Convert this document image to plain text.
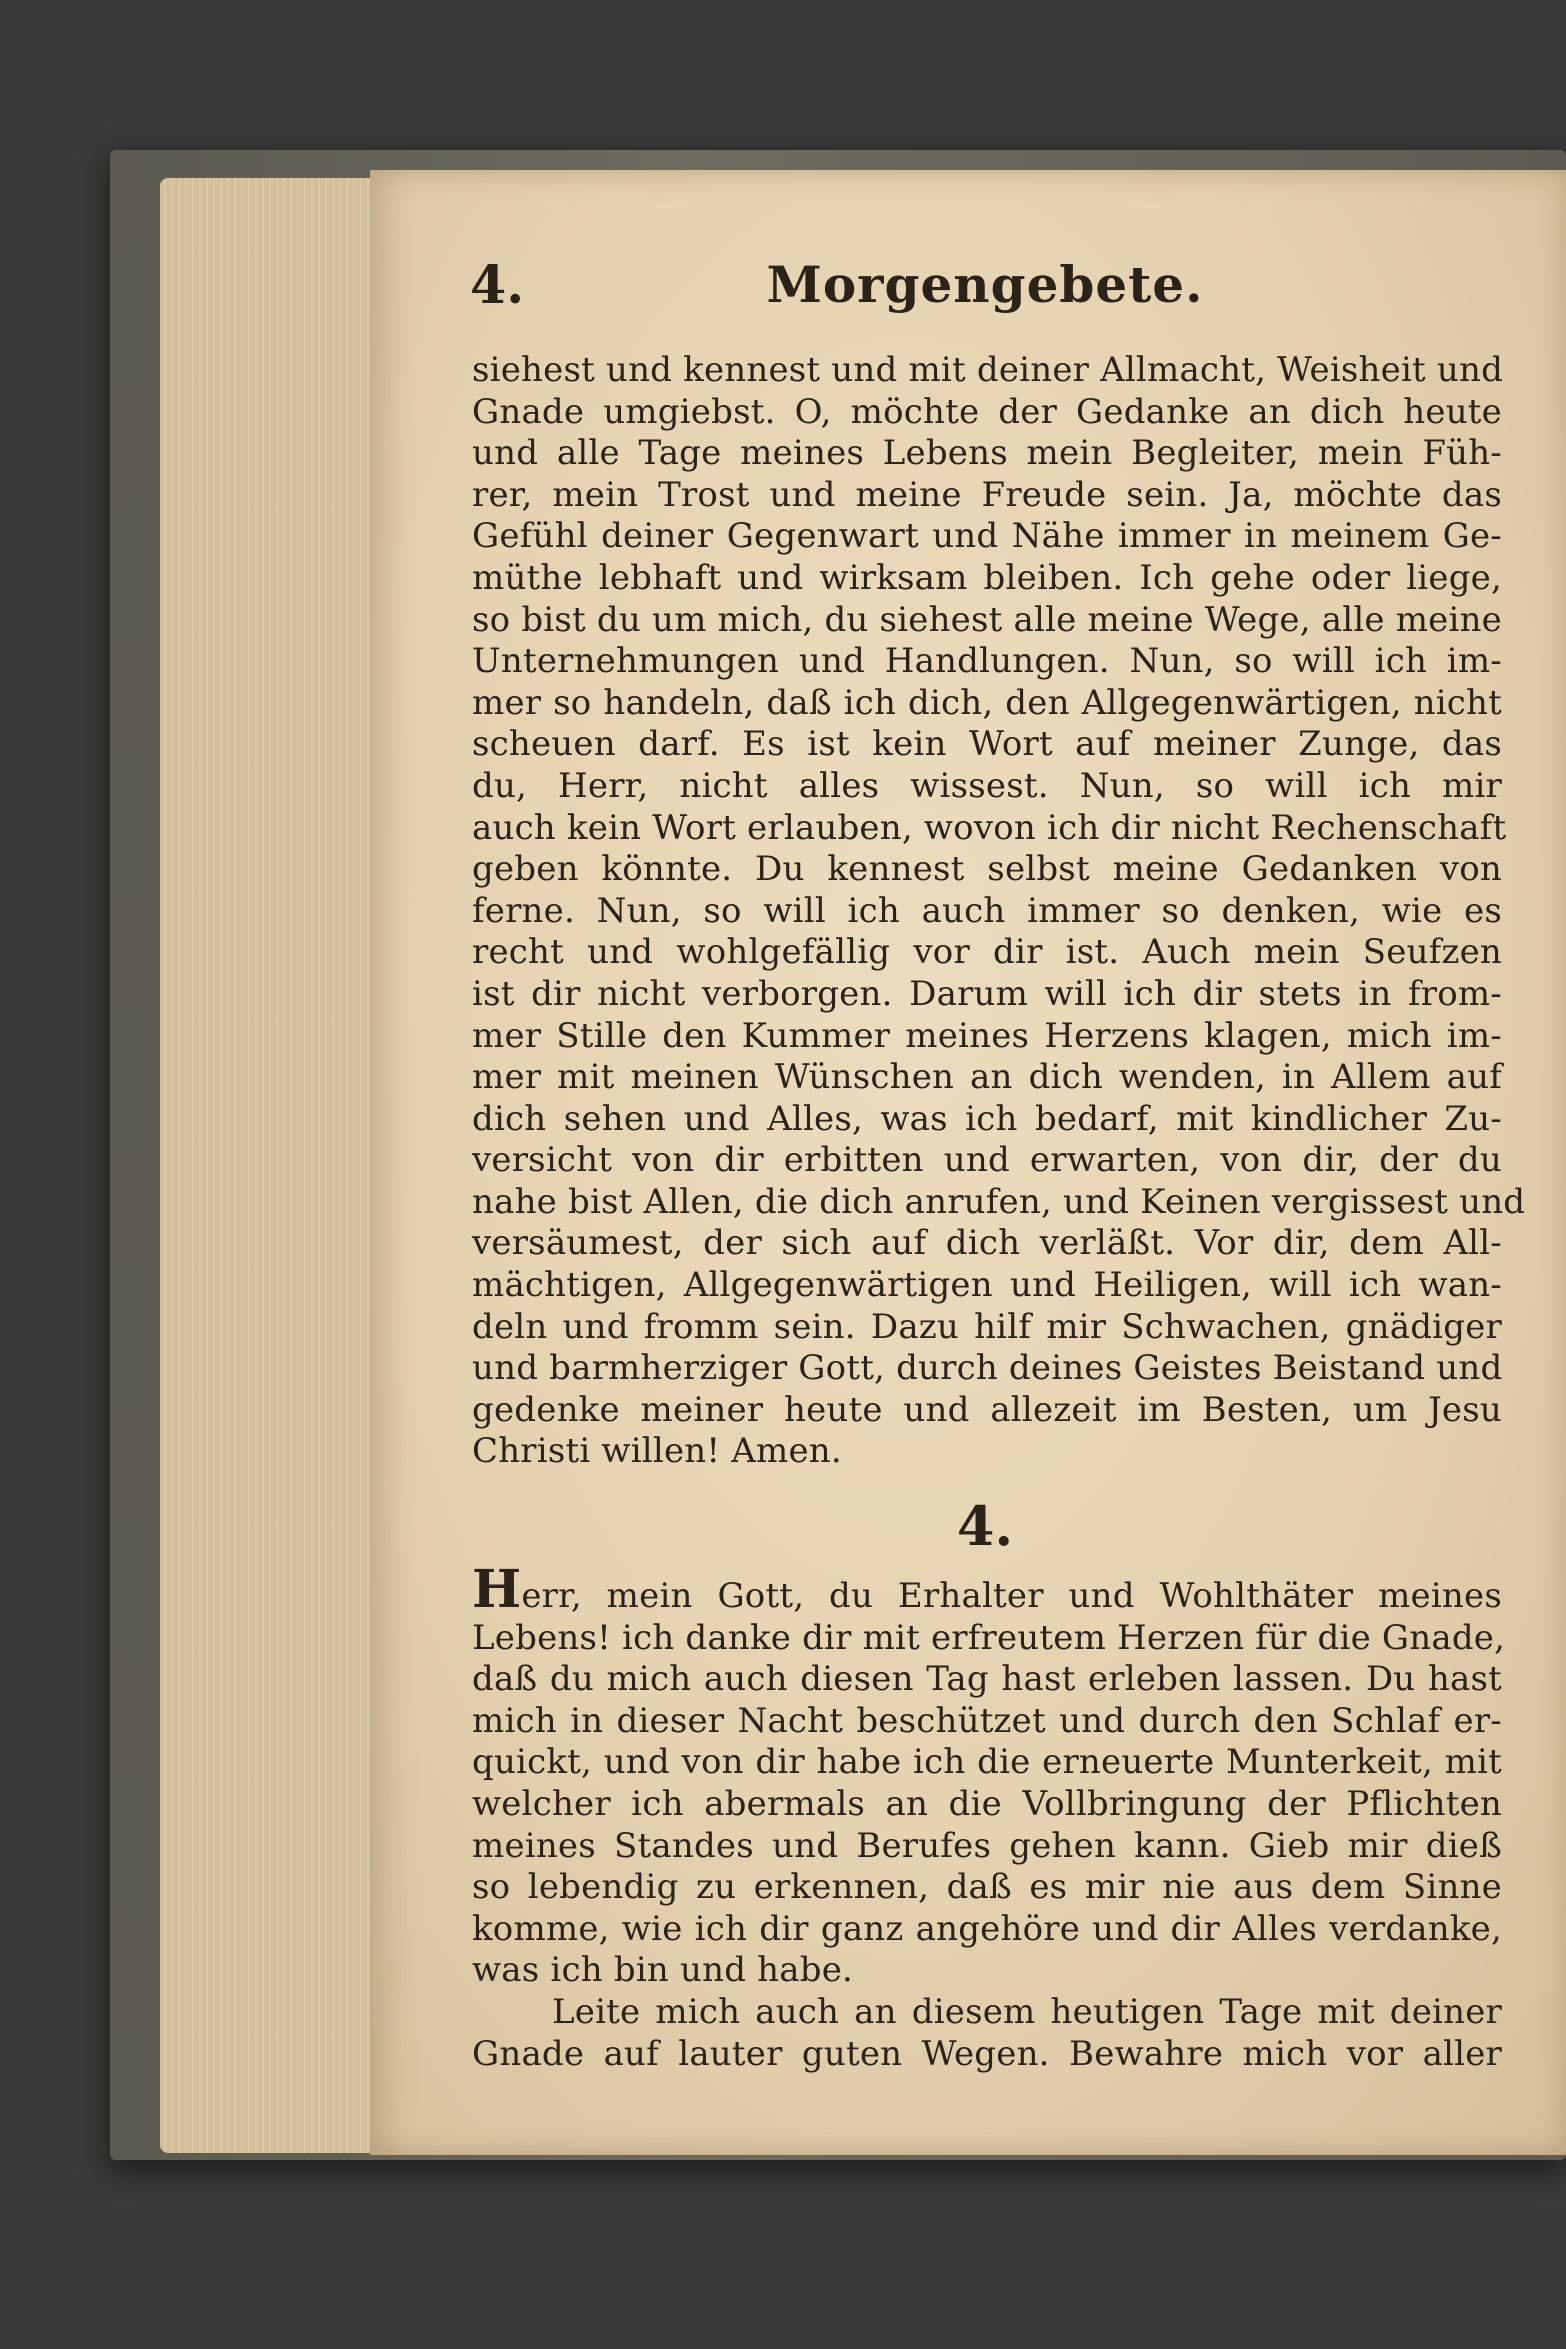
4.	Morgengebete.
siehest und kennest und mit deiner Allmacht, Weisheit und
Gnade umgiebst. O, möchte der Gedanke an dich heute
und alle Tage meines Lebens mein Begleiter, mein Füh-
rer, mein Trost und meine Freude sein. Ja, möchte das
Gefühl deiner Gegenwart und Nähe immer in meinem Ge-
müthe lebhaft und wirksam bleiben. Ich gehe oder liege,
so bist du um mich, du siehest alle meine Wege, alle meine
Unternehmungen und Handlungen. Nun, so will ich im-
mer so handeln, daß ich dich, den Allgegenwärtigen, nicht
scheuen darf. Es ist kein Wort auf meiner Zunge, das
du, Herr, nicht alles wissest. Nun, so will ich mir
auch kein Wort erlauben, wovon ich dir nicht Rechenschaft
geben könnte. Du kennest selbst meine Gedanken von
ferne. Nun, so will ich auch immer so denken, wie es
recht und wohlgefällig vor dir ist. Auch mein Seufzen
ist dir nicht verborgen. Darum will ich dir stets in from-
mer Stille den Kummer meines Herzens klagen, mich im-
mer mit meinen Wünschen an dich wenden, in Allem auf
dich sehen und Alles, was ich bedarf, mit kindlicher Zu-
versicht von dir erbitten und erwarten, von dir, der du
nahe bist Allen, die dich anrufen, und Keinen vergissest und
versäumest, der sich auf dich verläßt. Vor dir, dem All-
mächtigen, Allgegenwärtigen und Heiligen, will ich wan-
deln und fromm sein. Dazu hilf mir Schwachen, gnädiger
und barmherziger Gott, durch deines Geistes Beistand und
gedenke meiner heute und allezeit im Besten, um Jesu
Christi willen! Amen.
4.
Herr, mein Gott, du Erhalter und Wohlthäter meines
Lebens! ich danke dir mit erfreutem Herzen für die Gnade,
daß du mich auch diesen Tag hast erleben lassen. Du hast
mich in dieser Nacht beschützet und durch den Schlaf er-
quickt, und von dir habe ich die erneuerte Munterkeit, mit
welcher ich abermals an die Vollbringung der Pflichten
meines Standes und Berufes gehen kann. Gieb mir dieß
so lebendig zu erkennen, daß es mir nie aus dem Sinne
komme, wie ich dir ganz angehöre und dir Alles verdanke,
was ich bin und habe.
Leite mich auch an diesem heutigen Tage mit deiner
Gnade auf lauter guten Wegen. Bewahre mich vor aller
